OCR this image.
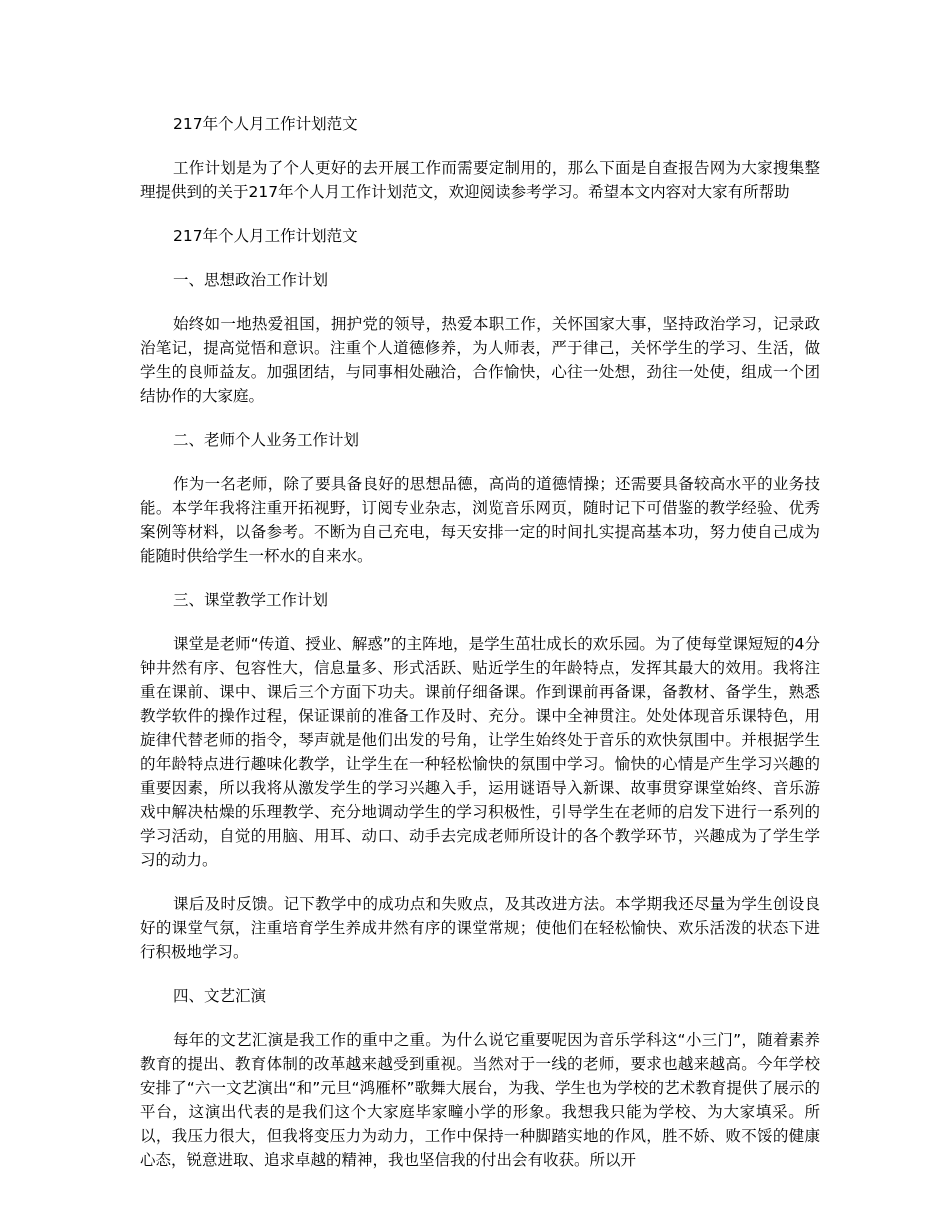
217年个人月工作计划范文

工作计划是为了个人更好的去开展工作而需要定制用的，那么下面是自查报告网为大家搜集整理提供到的关于217年个人月工作计划范文，欢迎阅读参考学习。希望本文内容对大家有所帮助

217年个人月工作计划范文

一、思想政治工作计划

始终如一地热爱祖国，拥护党的领导，热爱本职工作，关怀国家大事，坚持政治学习，记录政治笔记，提高觉悟和意识。注重个人道德修养，为人师表，严于律己，关怀学生的学习、生活，做学生的良师益友。加强团结，与同事相处融洽，合作愉快，心往一处想，劲往一处使，组成一个团结协作的大家庭。

二、老师个人业务工作计划

作为一名老师，除了要具备良好的思想品德，高尚的道德情操；还需要具备较高水平的业务技能。本学年我将注重开拓视野，订阅专业杂志，浏览音乐网页，随时记下可借鉴的教学经验、优秀案例等材料，以备参考。不断为自己充电，每天安排一定的时间扎实提高基本功，努力使自己成为能随时供给学生一杯水的自来水。

三、课堂教学工作计划

课堂是老师“传道、授业、解惑”的主阵地，是学生茁壮成长的欢乐园。为了使每堂课短短的4分钟井然有序、包容性大，信息量多、形式活跃、贴近学生的年龄特点，发挥其最大的效用。我将注重在课前、课中、课后三个方面下功夫。课前仔细备课。作到课前再备课，备教材、备学生，熟悉教学软件的操作过程，保证课前的准备工作及时、充分。课中全神贯注。处处体现音乐课特色，用旋律代替老师的指令，琴声就是他们出发的号角，让学生始终处于音乐的欢快氛围中。并根据学生的年龄特点进行趣味化教学，让学生在一种轻松愉快的氛围中学习。愉快的心情是产生学习兴趣的重要因素，所以我将从激发学生的学习兴趣入手，运用谜语导入新课、故事贯穿课堂始终、音乐游戏中解决枯燥的乐理教学、充分地调动学生的学习积极性，引导学生在老师的启发下进行一系列的学习活动，自觉的用脑、用耳、动口、动手去完成老师所设计的各个教学环节，兴趣成为了学生学习的动力。

课后及时反馈。记下教学中的成功点和失败点，及其改进方法。本学期我还尽量为学生创设良好的课堂气氛，注重培育学生养成井然有序的课堂常规；使他们在轻松愉快、欢乐活泼的状态下进行积极地学习。

四、文艺汇演

每年的文艺汇演是我工作的重中之重。为什么说它重要呢因为音乐学科这“小三门”，随着素养教育的提出、教育体制的改革越来越受到重视。当然对于一线的老师，要求也越来越高。今年学校安排了“六一文艺演出“和”元旦“鸿雁杯”歌舞大展台，为我、学生也为学校的艺术教育提供了展示的平台，这演出代表的是我们这个大家庭毕家疃小学的形象。我想我只能为学校、为大家填采。所以，我压力很大，但我将变压力为动力，工作中保持一种脚踏实地的作风，胜不娇、败不馁的健康心态，锐意进取、追求卓越的精神，我也坚信我的付出会有收获。所以开
